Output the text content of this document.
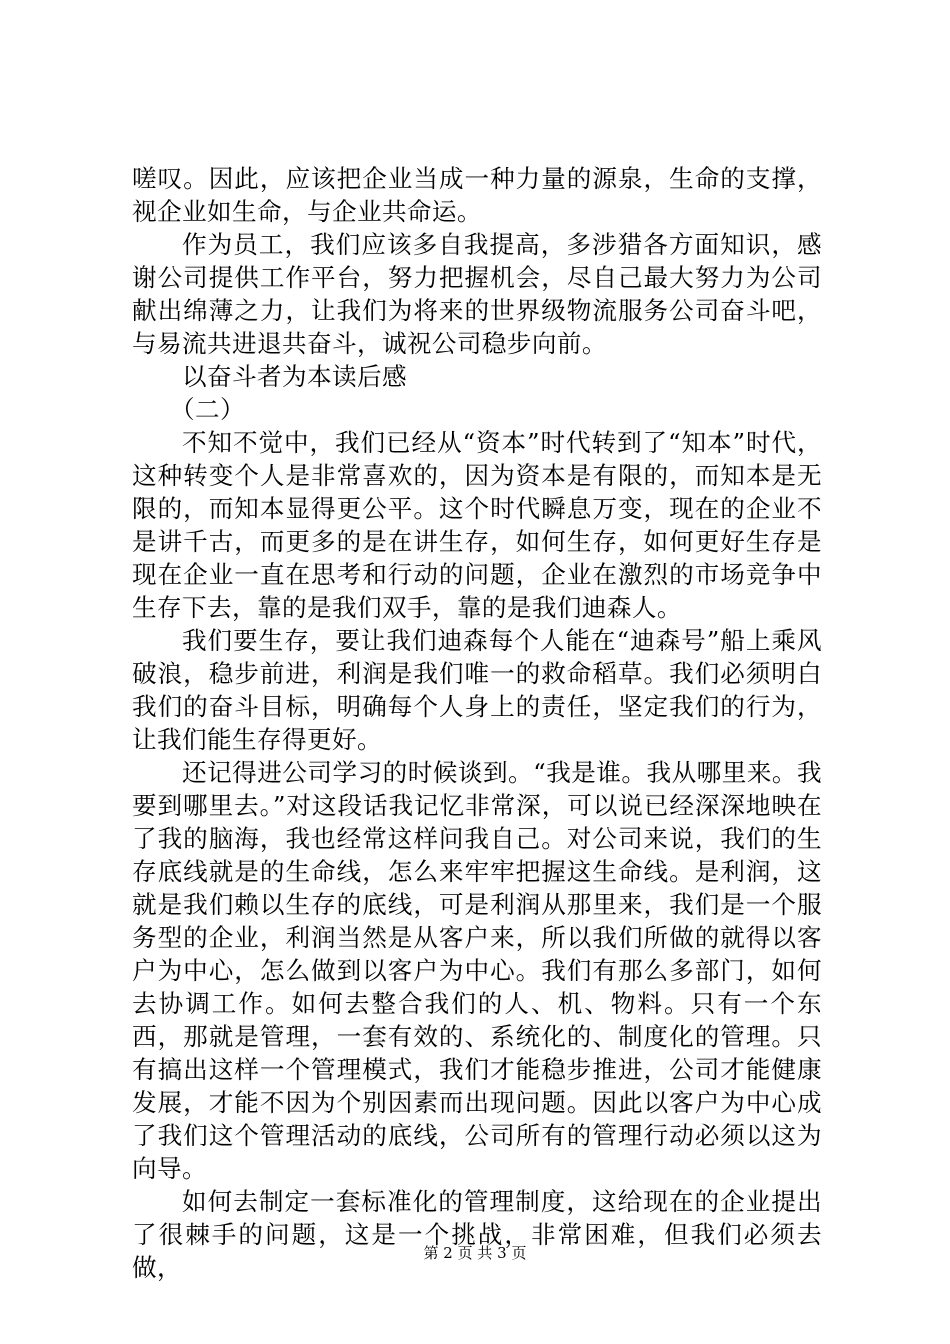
嗟叹。因此，应该把企业当成一种力量的源泉，生命的支撑，视企业如生命，与企业共命运。

作为员工，我们应该多自我提高，多涉猎各方面知识，感谢公司提供工作平台，努力把握机会，尽自己最大努力为公司献出绵薄之力，让我们为将来的世界级物流服务公司奋斗吧，与易流共进退共奋斗，诚祝公司稳步向前。

以奋斗者为本读后感

（二）

不知不觉中，我们已经从“资本”时代转到了“知本”时代，这种转变个人是非常喜欢的，因为资本是有限的，而知本是无限的，而知本显得更公平。这个时代瞬息万变，现在的企业不是讲千古，而更多的是在讲生存，如何生存，如何更好生存是现在企业一直在思考和行动的问题，企业在激烈的市场竞争中生存下去，靠的是我们双手，靠的是我们迪森人。

我们要生存，要让我们迪森每个人能在“迪森号”船上乘风破浪，稳步前进，利润是我们唯一的救命稻草。我们必须明白我们的奋斗目标，明确每个人身上的责任，坚定我们的行为，让我们能生存得更好。

还记得进公司学习的时候谈到。“我是谁。我从哪里来。我要到哪里去。”对这段话我记忆非常深，可以说已经深深地映在了我的脑海，我也经常这样问我自己。对公司来说，我们的生存底线就是的生命线，怎么来牢牢把握这生命线。是利润，这就是我们赖以生存的底线，可是利润从那里来，我们是一个服务型的企业，利润当然是从客户来，所以我们所做的就得以客户为中心，怎么做到以客户为中心。我们有那么多部门，如何去协调工作。如何去整合我们的人、机、物料。只有一个东西，那就是管理，一套有效的、系统化的、制度化的管理。只有搞出这样一个管理模式，我们才能稳步推进，公司才能健康发展，才能不因为个别因素而出现问题。因此以客户为中心成了我们这个管理活动的底线，公司所有的管理行动必须以这为向导。

如何去制定一套标准化的管理制度，这给现在的企业提出了很棘手的问题，这是一个挑战，非常困难，但我们必须去做，	第 2 页 共 3 页
